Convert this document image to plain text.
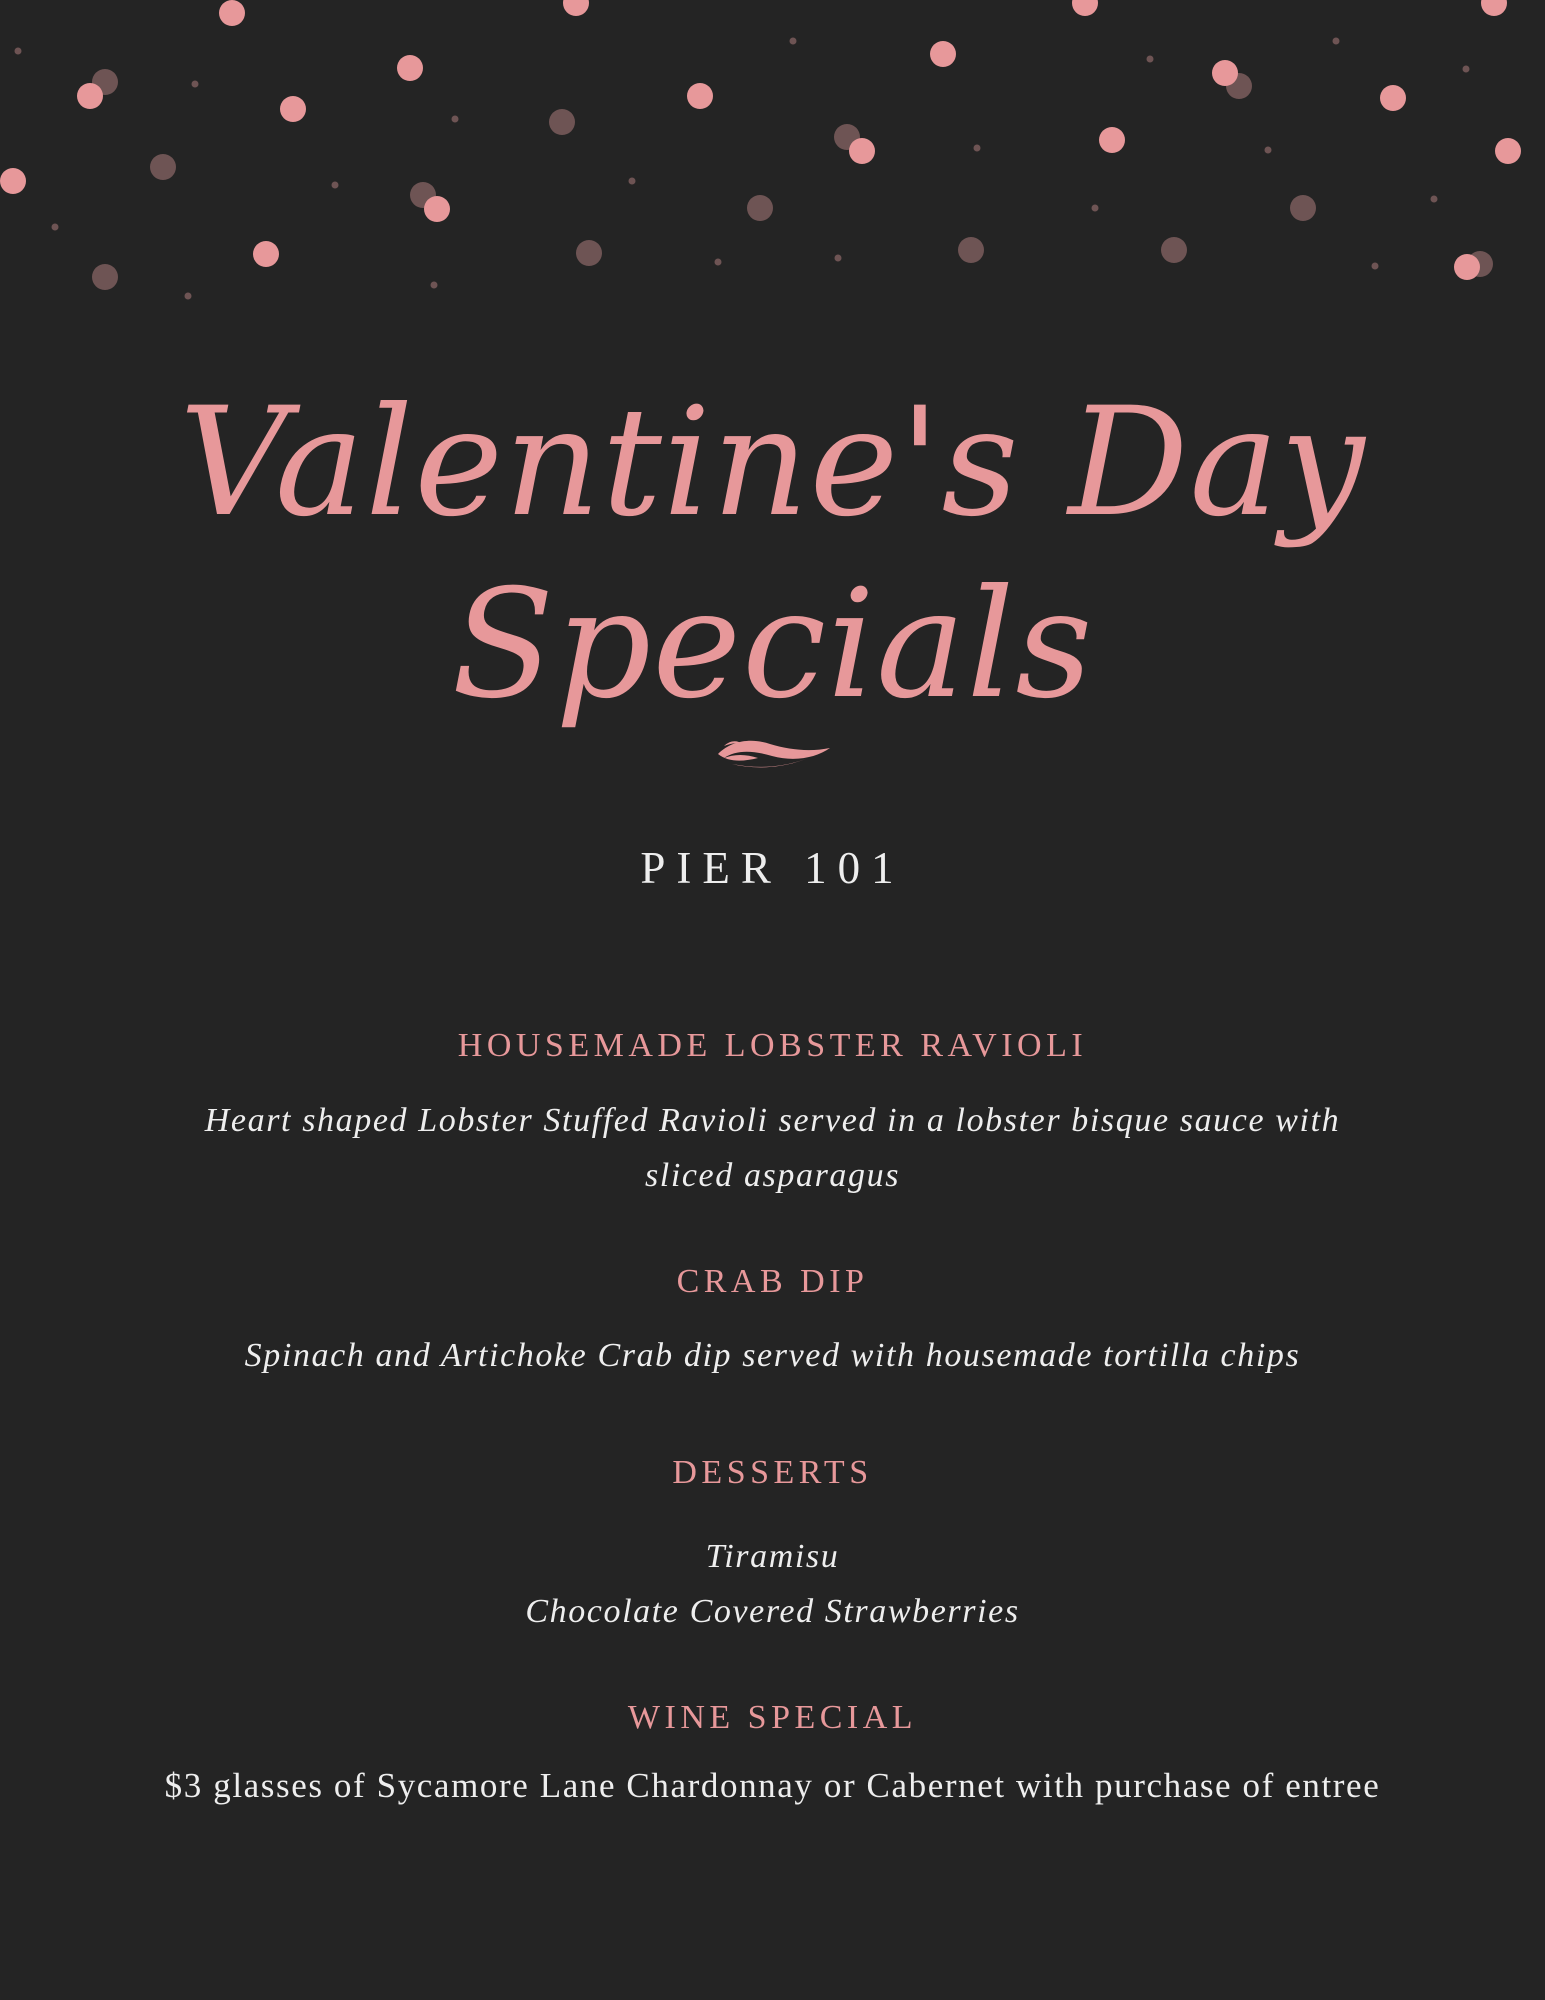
Valentine's Day
Specials
PIER 101
HOUSEMADE LOBSTER RAVIOLI

Heart shaped Lobster Stuffed Ravioli served in a lobster bisque sauce with

sliced asparagus

CRAB DIP

Spinach and Artichoke Crab dip served with housemade tortilla chips

DESSERTS

Tiramisu

Chocolate Covered Strawberries

WINE SPECIAL

$3 glasses of Sycamore Lane Chardonnay or Cabernet with purchase of entree
